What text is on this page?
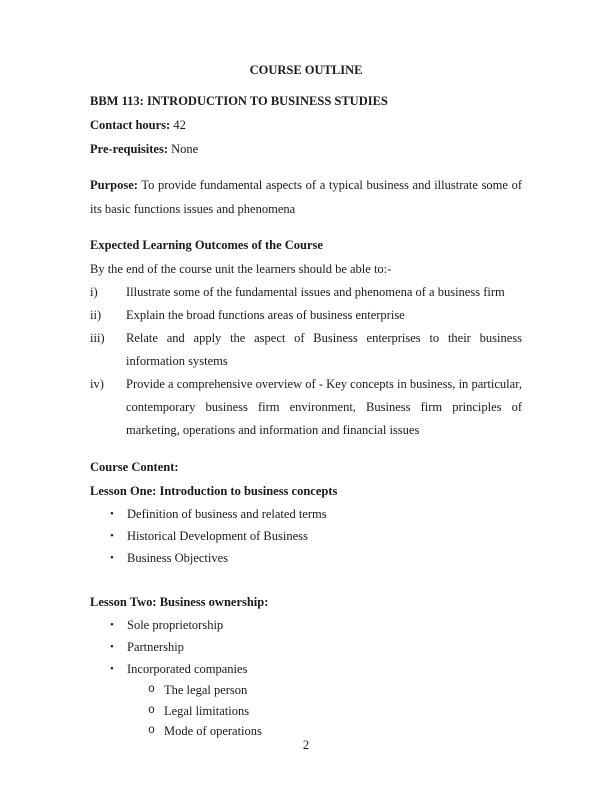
COURSE OUTLINE
BBM 113: INTRODUCTION TO BUSINESS STUDIES
Contact hours: 42
Pre-requisites: None
Purpose: To provide fundamental aspects of a typical business and illustrate some of its basic functions issues and phenomena
Expected Learning Outcomes of the Course
By the end of the course unit the learners should be able to:-
i)	Illustrate some of the fundamental issues and phenomena of a business firm
ii)	Explain the broad functions areas of business enterprise
iii)	Relate and apply the aspect of Business enterprises to their business information systems
iv)	Provide a comprehensive overview of - Key concepts in business, in particular, contemporary business firm environment, Business firm principles of marketing, operations and information and financial issues
Course Content:
Lesson One: Introduction to business concepts
•	Definition of business and related terms
•	Historical Development of Business
•	Business Objectives
Lesson Two: Business ownership:
•	Sole proprietorship
•	Partnership
•	Incorporated companies
o The legal person
o Legal limitations
o Mode of operations
2
